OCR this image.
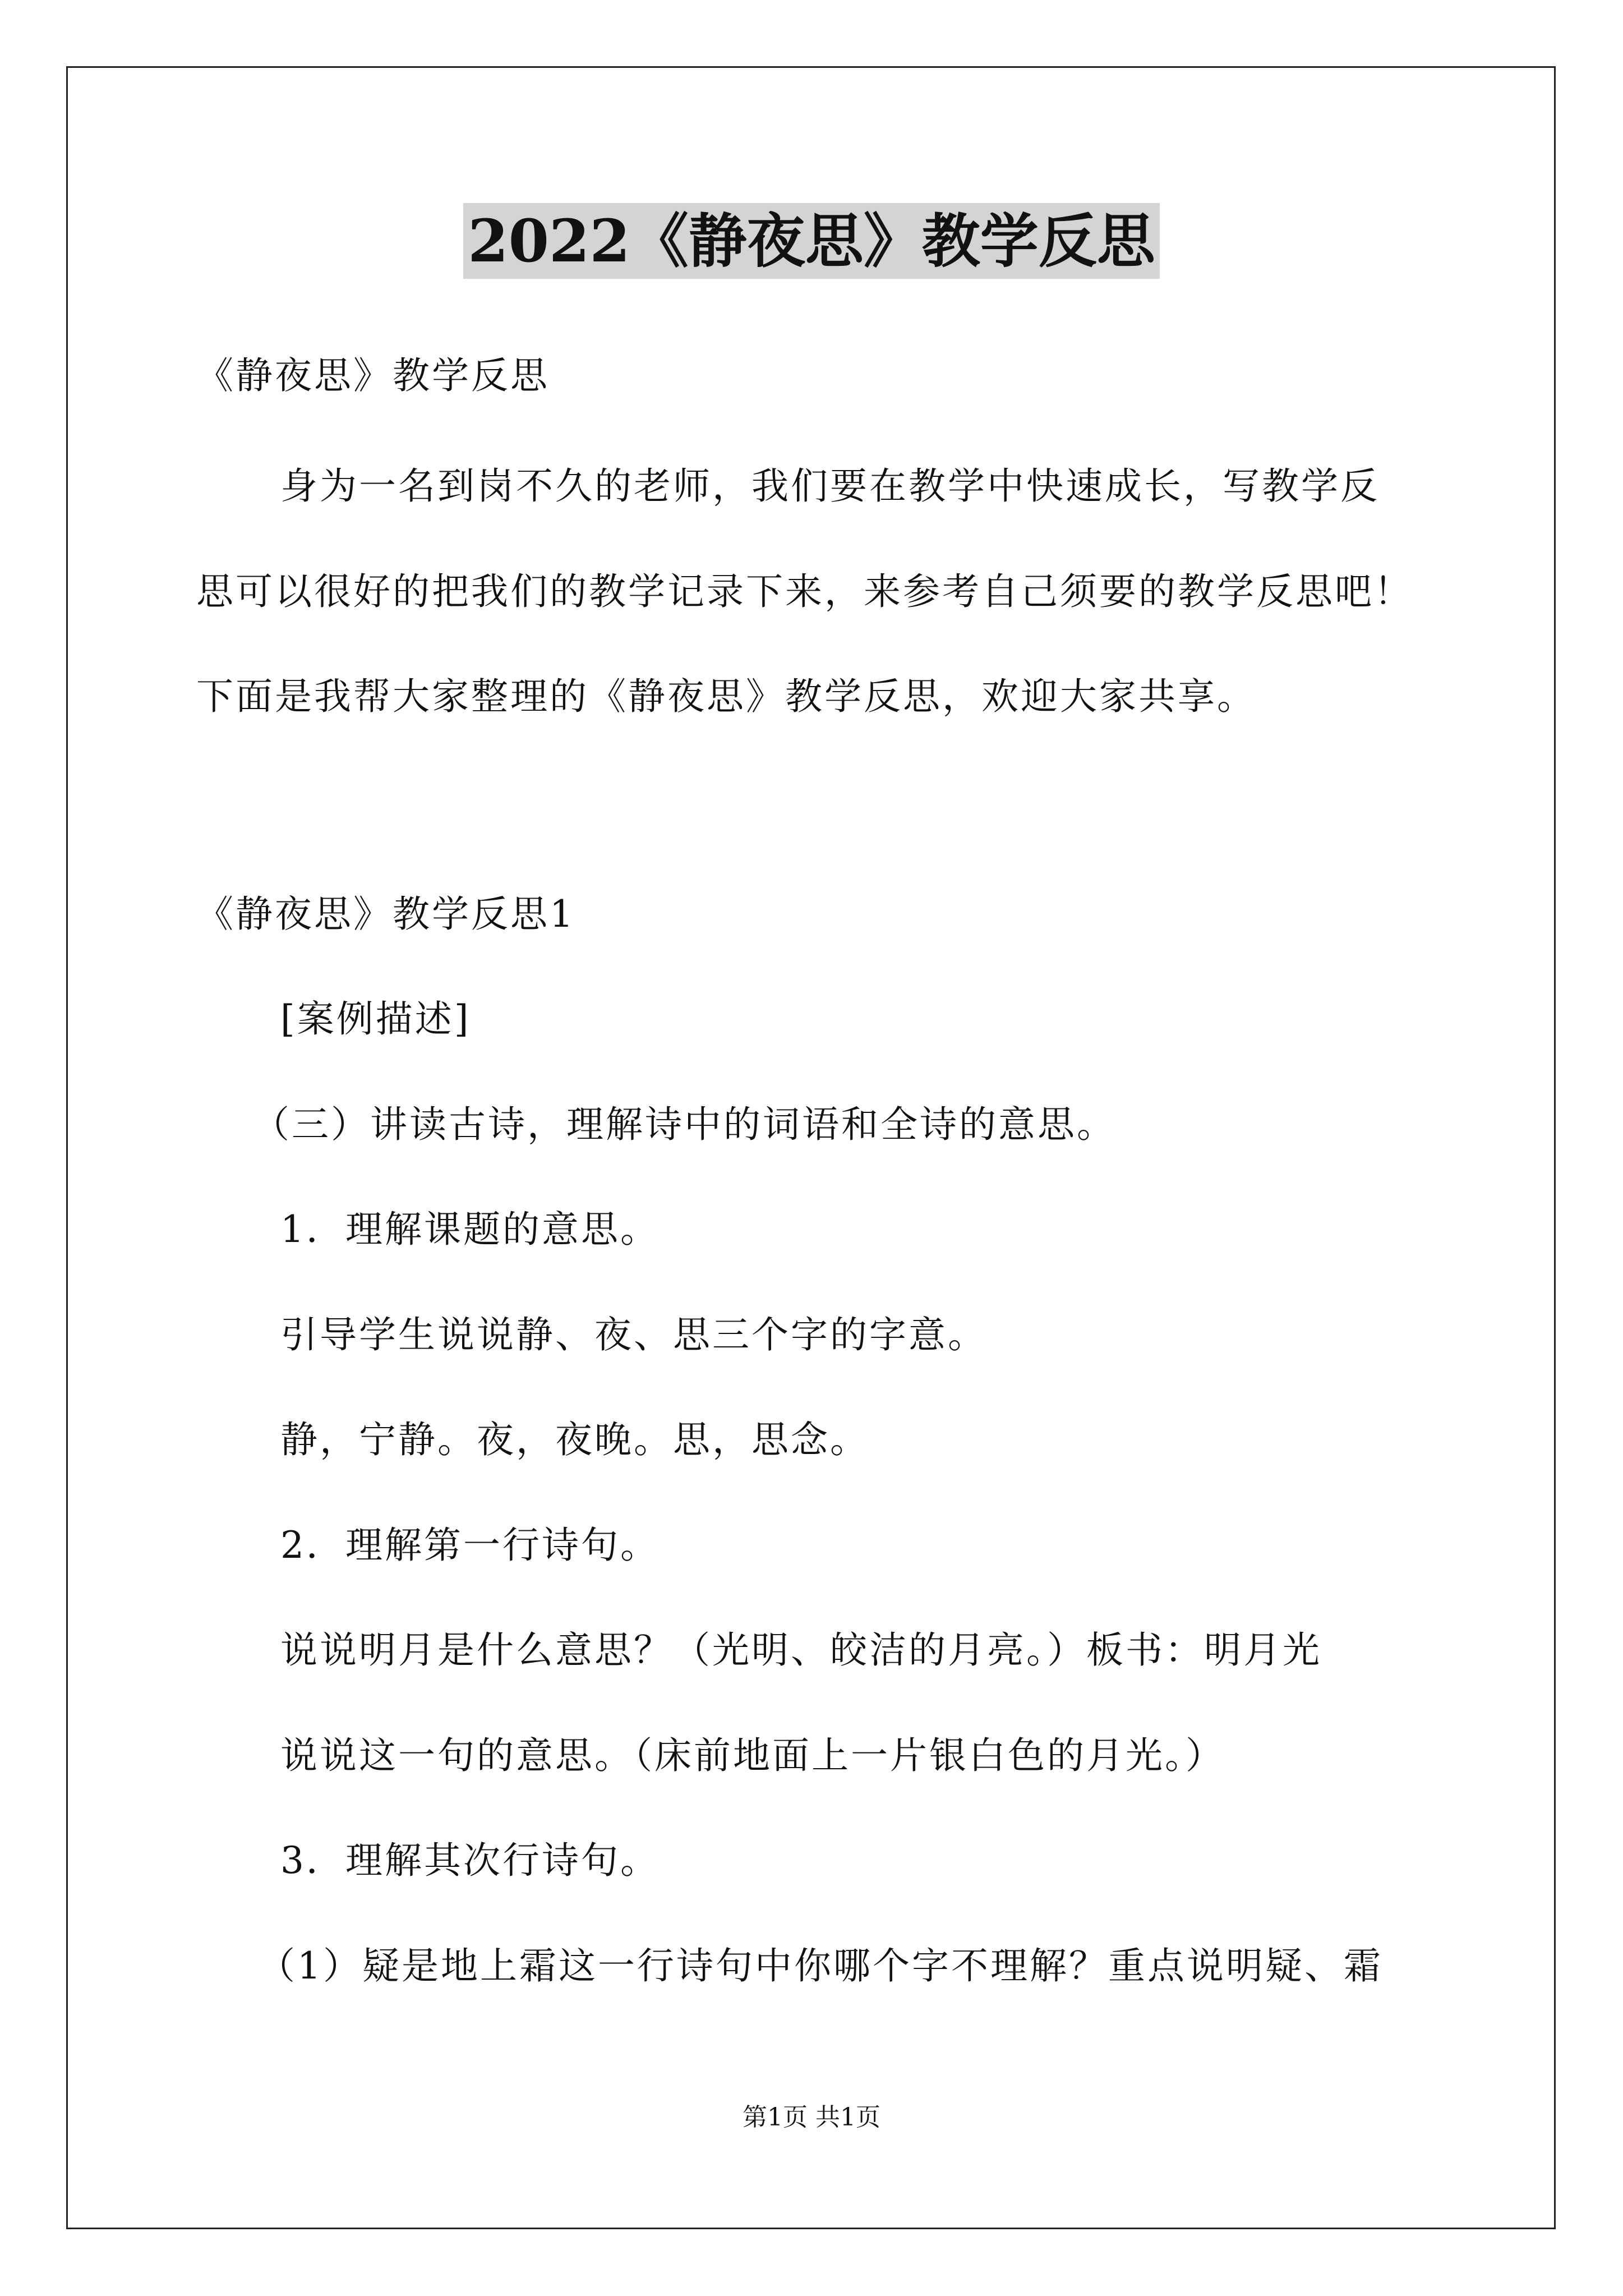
2022《静夜思》教学反思
《静夜思》教学反思
身为一名到岗不久的老师，我们要在教学中快速成长，写教学反
思可以很好的把我们的教学记录下来，来参考自己须要的教学反思吧！
下面是我帮大家整理的《静夜思》教学反思，欢迎大家共享。
《静夜思》教学反思1
[案例描述]
（三）讲读古诗，理解诗中的词语和全诗的意思。
1．理解课题的意思。
引导学生说说静、夜、思三个字的字意。
静，宁静。夜，夜晚。思，思念。
2．理解第一行诗句。
说说明月是什么意思？（光明、皎洁的月亮。）板书：明月光
说说这一句的意思。（床前地面上一片银白色的月光。）
3．理解其次行诗句。
（1）疑是地上霜这一行诗句中你哪个字不理解？重点说明疑、霜
第1页 共1页
